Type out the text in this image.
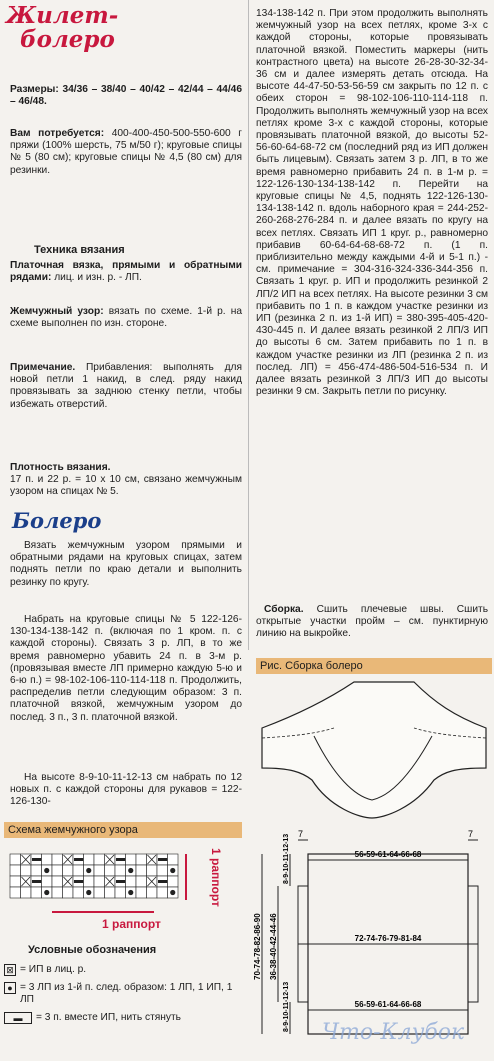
Жилет-
болеро

Размеры: 34/36 – 38/40 – 40/42 – 42/44 – 44/46 – 46/48.

Вам потребуется: 400-400-450-500-550-600 г пряжи (100% шерсть, 75 м/50 г); круговые спицы № 5 (80 см); круговые спицы № 4,5 (80 см) для резинки.

Техника вязания

Платочная вязка, прямыми и обратными рядами: лиц. и изн. р. - ЛП.

Жемчужный узор: вязать по схеме. 1-й р. на схеме выполнен по изн. стороне.

Примечание. Прибавления: выполнять для новой петли 1 накид, в след. ряду накид провязывать за заднюю стенку петли, чтобы избежать отверстий.

Плотность вязания.
17 п. и 22 р. = 10 х 10 см, связано жемчужным узором на спицах № 5.

Болеро

Вязать жемчужным узором прямыми и обратными рядами на круговых спицах, затем поднять петли по краю детали и выполнить резинку по кругу.

Набрать на круговые спицы № 5 122-126-130-134-138-142 п. (включая по 1 кром. п. с каждой стороны). Связать 3 р. ЛП, в то же время равномерно убавить 24 п. в 3-м р. (провязывая вместе ЛП примерно каждую 5-ю и 6-ю п.) = 98-102-106-110-114-118 п. Продолжить, распределив петли следующим образом: 3 п. платочной вязкой, жемчужным узором до послед. 3 п., 3 п. платочной вязкой.

На высоте 8-9-10-11-12-13 см набрать по 12 новых п. с каждой стороны для рукавов = 122-126-130-

Схема жемчужного узора
1 раппорт
1 раппорт
Условные обозначения
⊠ = ИП в лиц. р.
● = 3 ЛП из 1-й п. след. образом: 1 ЛП, 1 ИП, 1 ЛП
▬	= 3 п. вместе ИП, нить стянуть

134-138-142 п. При этом продолжить выполнять жемчужный узор на всех петлях, кроме 3-х с каждой стороны, которые провязывать платочной вязкой. Поместить маркеры (нить контрастного цвета) на высоте 26-28-30-32-34-36 см и далее измерять детать отсюда. На высоте 44-47-50-53-56-59 см закрыть по 12 п. с обеих сторон = 98-102-106-110-114-118 п. Продолжить выполнять жемчужный узор на всех петлях кроме 3-х с каждой стороны, которые провязывать платочной вязкой, до высоты 52-56-60-64-68-72 см (последний ряд из ИП должен быть лицевым). Связать затем 3 р. ЛП, в то же время равномерно прибавить 24 п. в 1-м р. = 122-126-130-134-138-142 п. Перейти на круговые спицы № 4,5, поднять 122-126-130-134-138-142 п. вдоль наборного края = 244-252-260-268-276-284 п. и далее вязать по кругу на всех петлях. Связать ИП 1 круг. р., равномерно прибавив 60-64-64-68-68-72 п. (1 п. приблизительно между каждыми 4-й и 5-1 п.) - см. примечание = 304-316-324-336-344-356 п. Связать 1 круг. р. ИП и продолжить резинкой 2 ЛП/2 ИП на всех петлях. На высоте резинки 3 см прибавить по 1 п. в каждом участке резинки из ИП (резинка 2 п. из 1-й ИП) = 380-395-405-420-430-445 п. И далее вязать резинкой 2 ЛП/3 ИП до высоты 6 см. Затем прибавить по 1 п. в каждом участке резинки из ЛП (резинка 2 п. из послед. ЛП) = 456-474-486-504-516-534 п. И далее вязать резинкой 3 ЛП/3 ИП до высоты резинки 9 см. Закрыть петли по рисунку.

Сборка. Сшить плечевые швы. Сшить открытые участки пройм – см. пунктирную линию на выкройке.

Рис. Сборка болеро
7	7
56-59-61-64-66-68
72-74-76-79-81-84
56-59-61-64-66-68
70-74-78-82-86-90 36-38-40-42-44-46
8-9-10-11-12-13
8-9-10-11-12-13
Что-Клубок
